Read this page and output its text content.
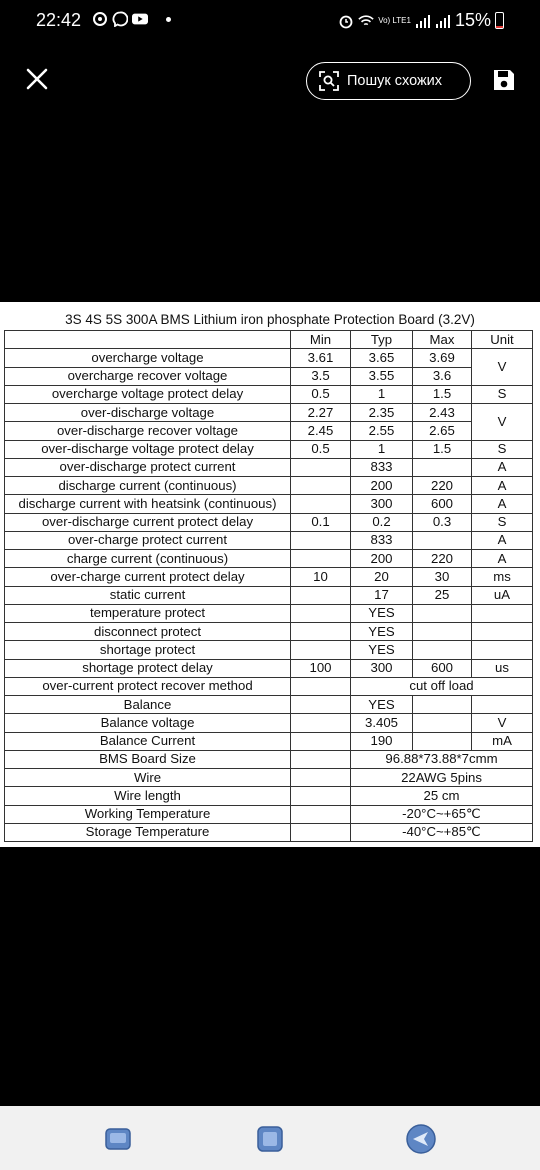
22:42	Vo) LTE1 15%
Пошук схожих
3S 4S 5S 300A BMS Lithium iron phosphate Protection Board (3.2V)
	Min	Typ	Max	Unit
overcharge voltage	3.61	3.65	3.69	V
overcharge recover voltage	3.5	3.55	3.6	
overcharge voltage protect delay	0.5	1	1.5	S
over-discharge voltage	2.27	2.35	2.43	V
over-discharge recover voltage	2.45	2.55	2.65	
over-discharge voltage protect delay	0.5	1	1.5	S
over-discharge protect current		833		A
discharge current (continuous)		200	220	A
discharge current with heatsink (continuous)		300	600	A
over-discharge current protect delay	0.1	0.2	0.3	S
over-charge protect current		833		A
charge current (continuous)		200	220	A
over-charge current protect delay	10	20	30	ms
static current		17	25	uA
temperature protect		YES		
disconnect protect		YES		
shortage protect		YES		
shortage protect delay	100	300	600	us
over-current protect recover method		cut off load		
Balance		YES		
Balance voltage		3.405		V
Balance Current		190		mA
BMS Board Size		96.88*73.88*7cmm		
Wire		22AWG 5pins		
Wire length		25 cm		
Working Temperature		-20°C~+65℃		
Storage Temperature		-40°C~+85℃		
